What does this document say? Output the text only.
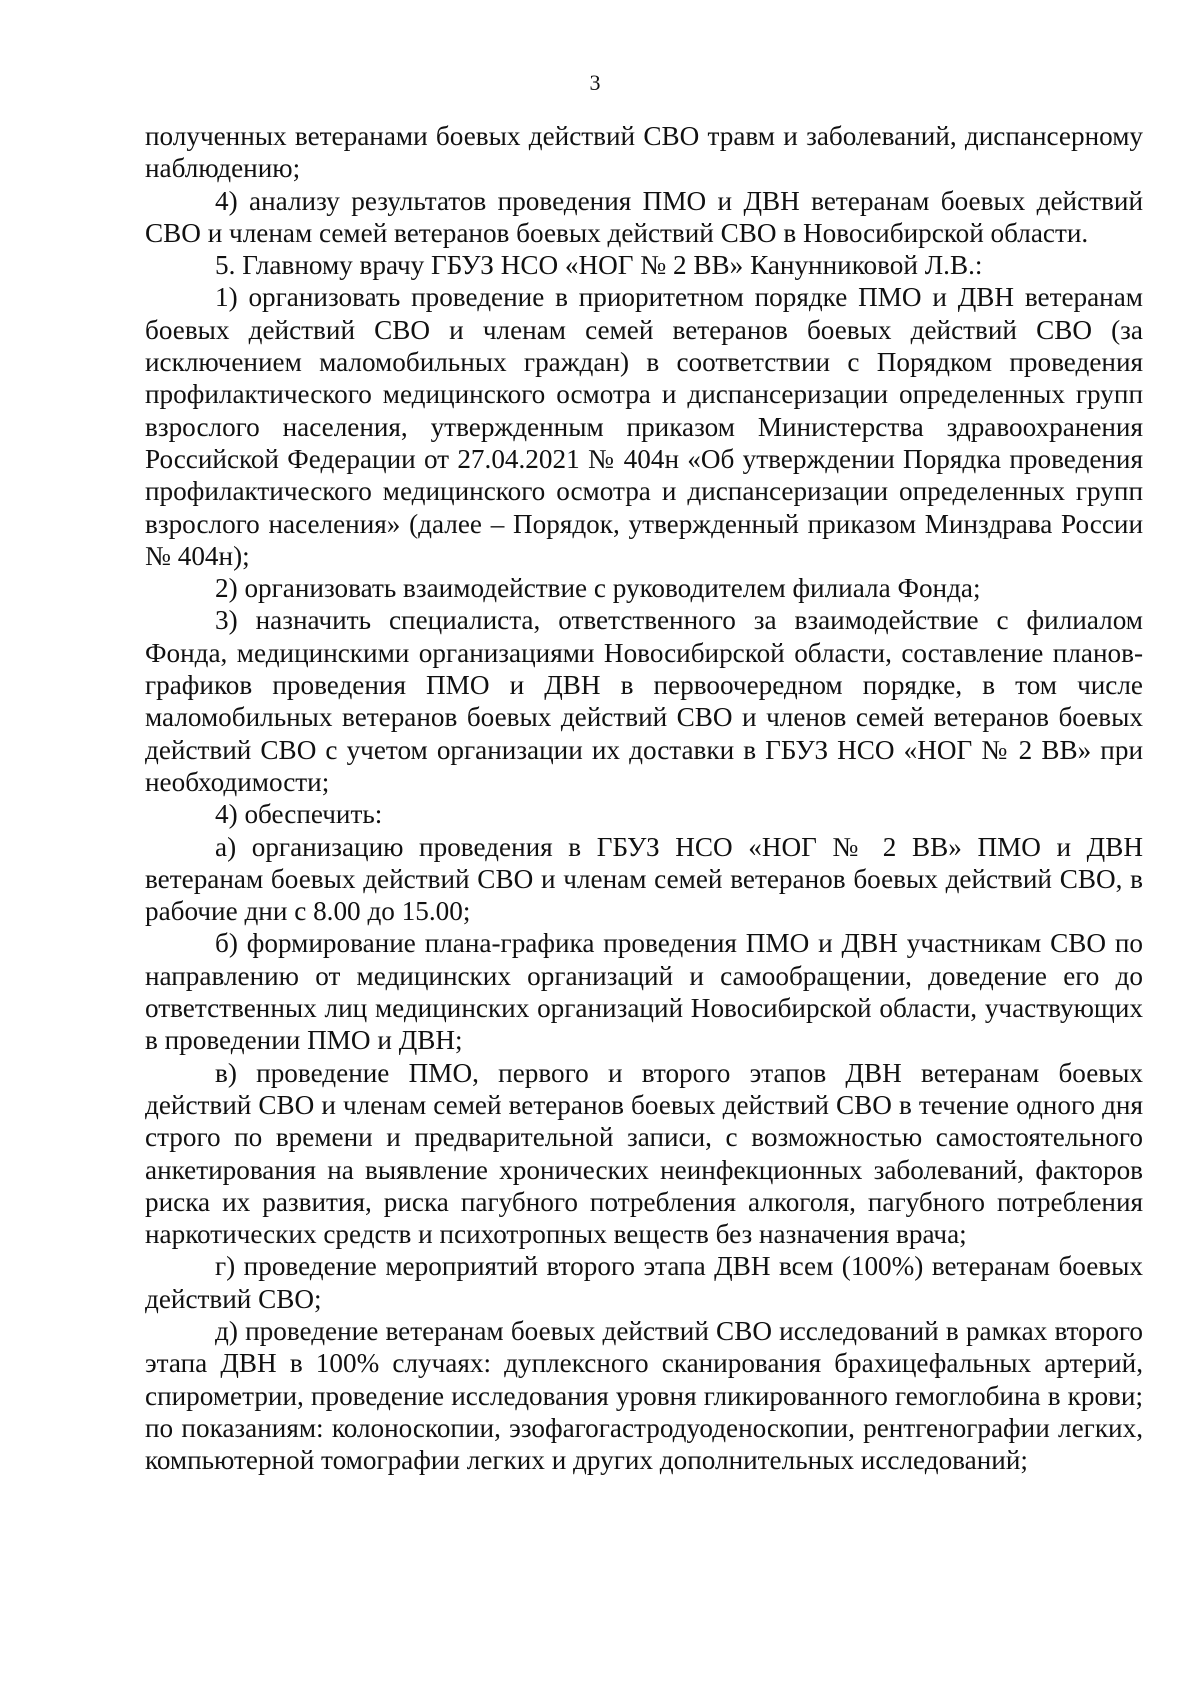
3

полученных ветеранами боевых действий СВО травм и заболеваний, диспансерному наблюдению;

4) анализу результатов проведения ПМО и ДВН ветеранам боевых действий СВО и членам семей ветеранов боевых действий СВО в Новосибирской области.

5. Главному врачу ГБУЗ НСО «НОГ № 2 ВВ» Канунниковой Л.В.:

1) организовать проведение в приоритетном порядке ПМО и ДВН ветеранам боевых действий СВО и членам семей ветеранов боевых действий СВО (за исключением маломобильных граждан) в соответствии с Порядком проведения профилактического медицинского осмотра и диспансеризации определенных групп взрослого населения, утвержденным приказом Министерства здравоохранения Российской Федерации от 27.04.2021 № 404н «Об утверждении Порядка проведения профилактического медицинского осмотра и диспансеризации определенных групп взрослого населения» (далее – Порядок, утвержденный приказом Минздрава России № 404н);

2) организовать взаимодействие с руководителем филиала Фонда;

3) назначить специалиста, ответственного за взаимодействие с филиалом Фонда, медицинскими организациями Новосибирской области, составление планов-графиков проведения ПМО и ДВН в первоочередном порядке, в том числе маломобильных ветеранов боевых действий СВО и членов семей ветеранов боевых действий СВО с учетом организации их доставки в ГБУЗ НСО «НОГ № 2 ВВ» при необходимости;

4) обеспечить:

а) организацию проведения в ГБУЗ НСО «НОГ № 2 ВВ» ПМО и ДВН ветеранам боевых действий СВО и членам семей ветеранов боевых действий СВО, в рабочие дни с 8.00 до 15.00;

б) формирование плана-графика проведения ПМО и ДВН участникам СВО по направлению от медицинских организаций и самообращении, доведение его до ответственных лиц медицинских организаций Новосибирской области, участвующих в проведении ПМО и ДВН;

в) проведение ПМО, первого и второго этапов ДВН ветеранам боевых действий СВО и членам семей ветеранов боевых действий СВО в течение одного дня строго по времени и предварительной записи, с возможностью самостоятельного анкетирования на выявление хронических неинфекционных заболеваний, факторов риска их развития, риска пагубного потребления алкоголя, пагубного потребления наркотических средств и психотропных веществ без назначения врача;

г) проведение мероприятий второго этапа ДВН всем (100%) ветеранам боевых действий СВО;

д) проведение ветеранам боевых действий СВО исследований в рамках второго этапа ДВН в 100% случаях: дуплексного сканирования брахицефальных артерий, спирометрии, проведение исследования уровня гликированного гемоглобина в крови; по показаниям: колоноскопии, эзофагогастродуоденоскопии, рентгенографии легких, компьютерной томографии легких и других дополнительных исследований;
